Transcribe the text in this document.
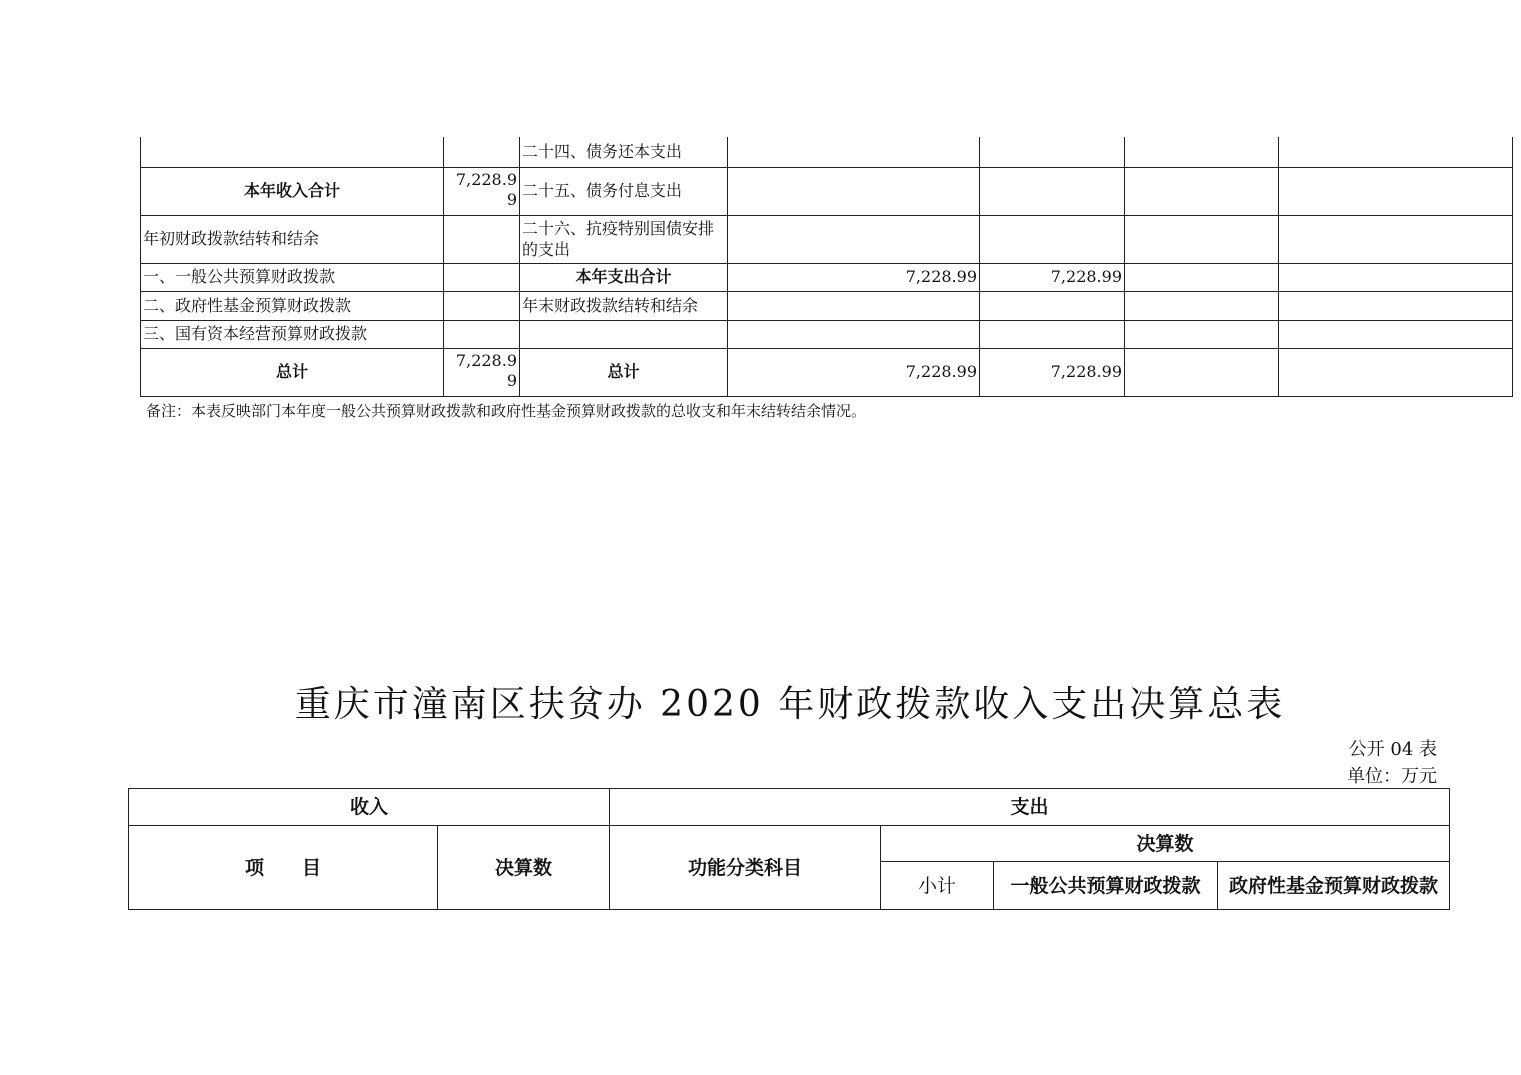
		二十四、债务还本支出				
本年收入合计	7,228.99	二十五、债务付息支出				
年初财政拨款结转和结余		二十六、抗疫特别国债安排的支出				
一、一般公共预算财政拨款		本年支出合计	7,228.99	7,228.99		
二、政府性基金预算财政拨款		年末财政拨款结转和结余				
三、国有资本经营预算财政拨款						
总计	7,228.99	总计	7,228.99	7,228.99		
备注：本表反映部门本年度一般公共预算财政拨款和政府性基金预算财政拨款的总收支和年末结转结余情况。
重庆市潼南区扶贫办 2020 年财政拨款收入支出决算总表
公开 04 表
单位：万元
收入		支出			
项　　目	决算数	功能分类科目	决算数		
			小计	一般公共预算财政拨款	政府性基金预算财政拨款
